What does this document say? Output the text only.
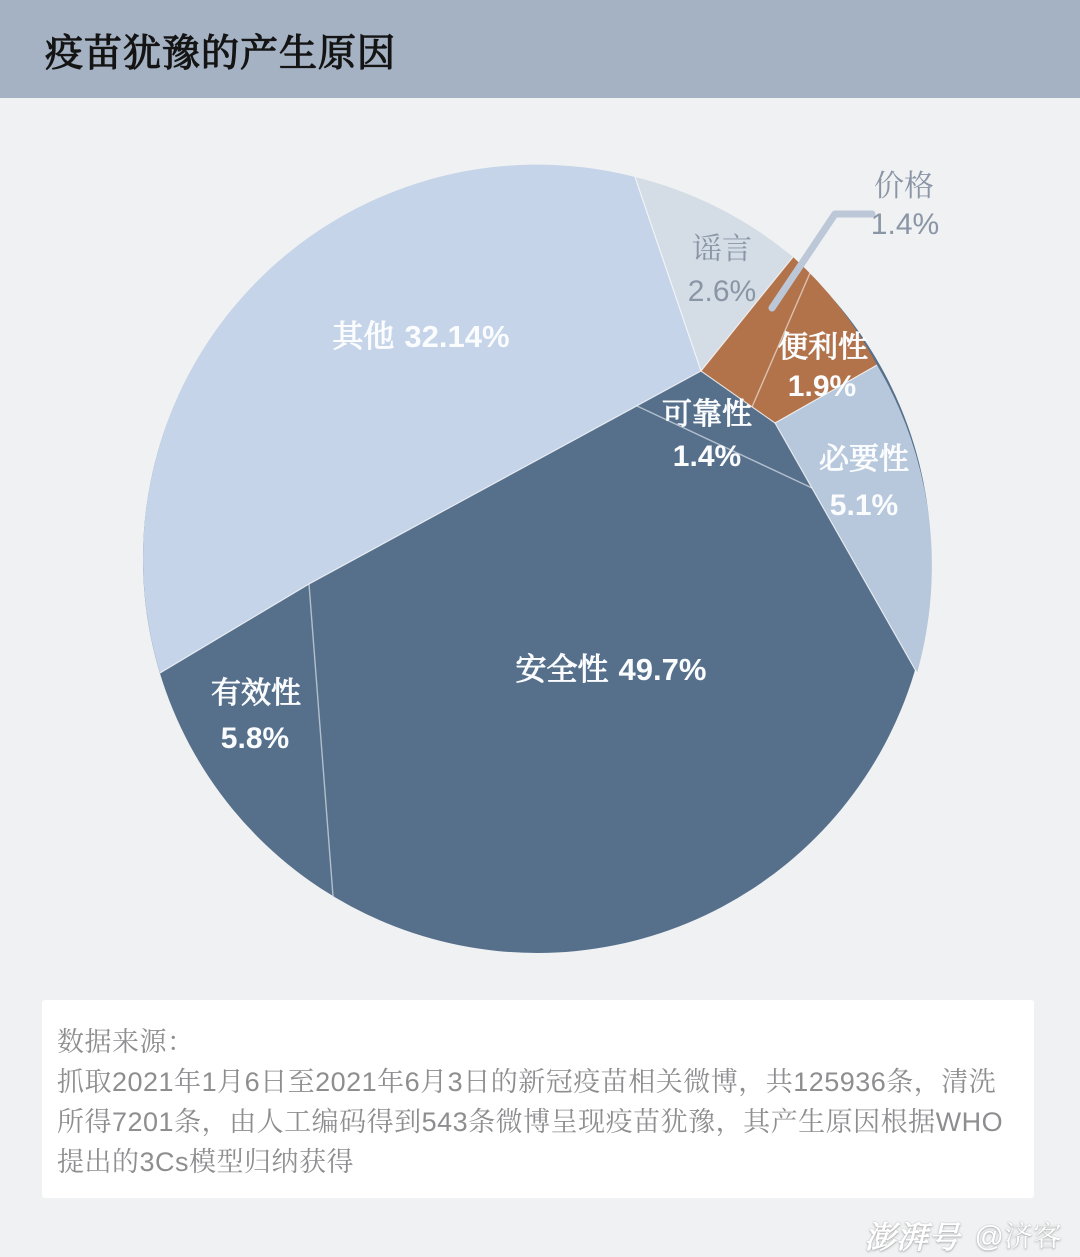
疫苗犹豫的产生原因
其他 32.14%
谣言
2.6%
价格
1.4%
便利性
1.9%
可靠性
1.4%	必要性
5.1%
安全性 49.7%
有效性
5.8%

数据来源：

抓取2021年1月6日至2021年6月3日的新冠疫苗相关微博，共125936条，清洗所得7201条，由人工编码得到543条微博呈现疫苗犹豫，其产生原因根据WHO提出的3Cs模型归纳获得

澎湃号 @济客
